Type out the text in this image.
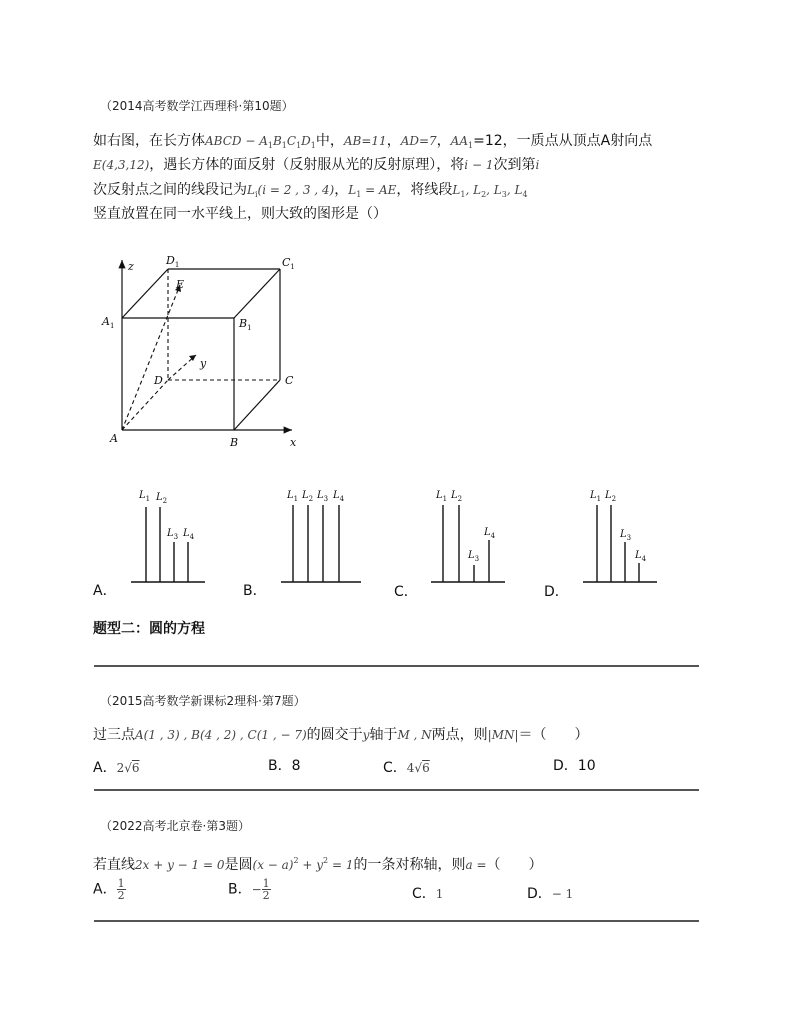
（2014高考数学江西理科·第10题）
如右图，在长方体ABCD − $A_1B_1C_1D_1$中，AB=11，AD=7，$AA_1=12$，一质点从顶点A射向点
E(4,3,12)，遇长方体的面反射（反射服从光的反射原理），将i − 1次到第i
次反射点之间的线段记为$L_i(i = 2$ , 3 , 4)，$L_1$ = AE，将线段$L_1$, $L_2$, $L_3$, $L_4$
竖直放置在同一水平线上，则大致的图形是（）
$D_1$	$C_1$
E
$A_1$	$B_1$
D	C
A	B	x
y
z
$L_1$ $L_2$
$L_3$ $L_4$
$L_1$ $L_2$ $L_3$ $L_4$	$L_1$ $L_2$
$L_3$
$L_4$
$L_1$ $L_2$
$L_3$
$L_4$
A．	B．	C．	D．
题型二：圆的方程
（2015高考数学新课标2理科·第7题）
过三点A(1 , 3) , B(4 , 2) , C(1 , − 7)的圆交于y轴于M , N两点，则|MN|＝（　　）
A．2√6	B．8	C．4√6	D．10
（2022高考北京卷·第3题）
若直线2x + y − 1 = 0是圆$(x - a)^2 + y^2 = 1$的一条对称轴，则a =（　　）
A． $\frac{1}{2}$	B．− $\frac{1}{2}$	C．1	D．− 1
